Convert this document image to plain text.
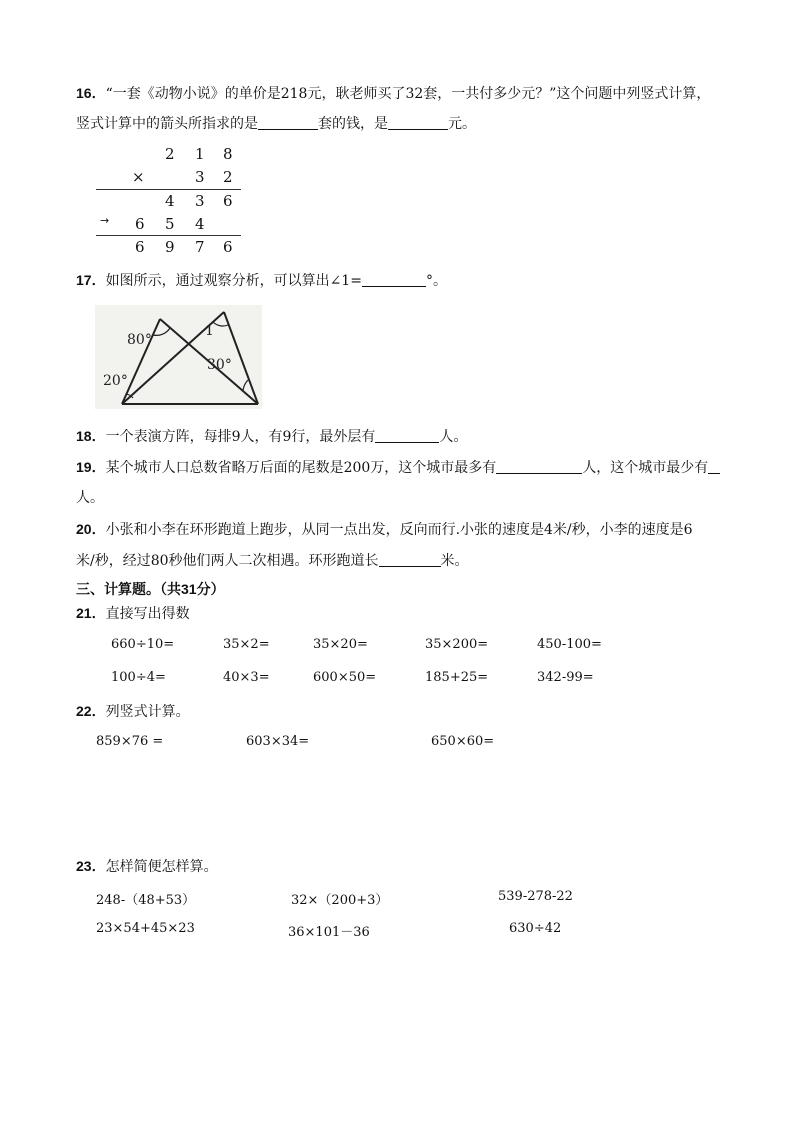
16．“一套《动物小说》的单价是218元，耿老师买了32套，一共付多少元？”这个问题中列竖式计算，
竖式计算中的箭头所指求的是	套的钱，是	元。
2 1 8
×	3 2
4 3 6
→ 6 5 4
6 9 7 6
17．如图所示，通过观察分析，可以算出∠1=	°。
80°
20°
30°
1
18．一个表演方阵，每排9人，有9行，最外层有	人。
19．某个城市人口总数省略万后面的尾数是200万，这个城市最多有	人，这个城市最少有
人。
20．小张和小李在环形跑道上跑步，从同一点出发，反向而行.小张的速度是4米/秒，小李的速度是6
米/秒，经过80秒他们两人二次相遇。环形跑道长	米。
三、计算题。（共31分）
21．直接写出得数
660÷10=	35×2=	35×20=	35×200=	450-100=
100÷4=	40×3=	600×50=	185+25=	342-99=
22．列竖式计算。
859×76 =	603×34=	650×60=
23．怎样简便怎样算。
248-（48+53）	32×（200+3）	539-278-22
23×54+45×23	36×101－36	630÷42
